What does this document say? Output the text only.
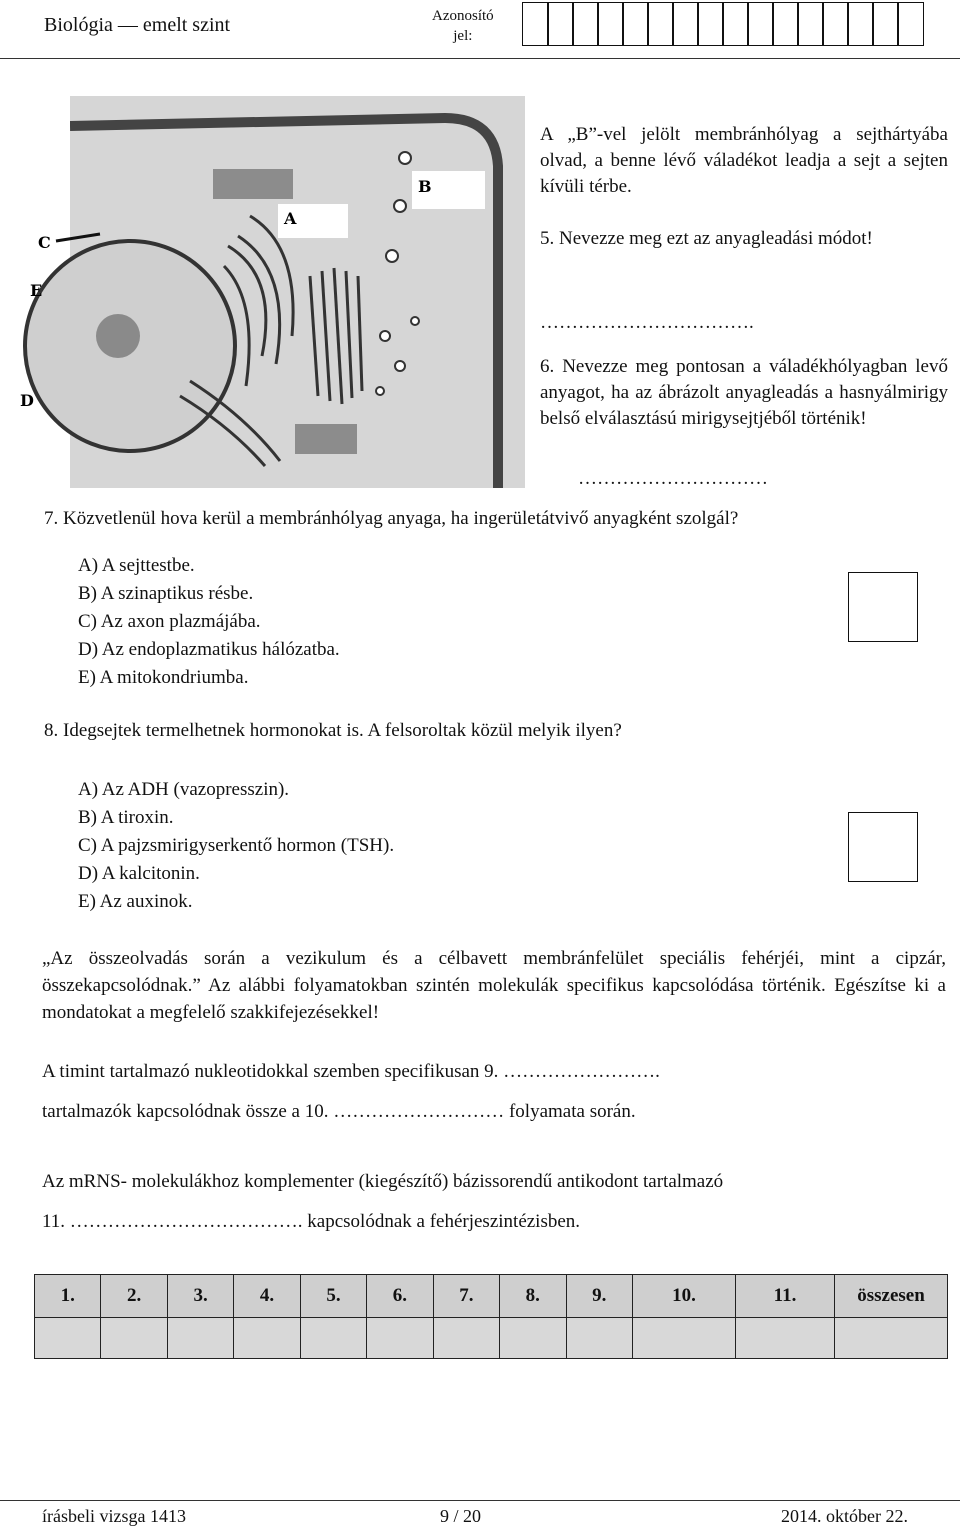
Biológia — emelt szint	Azonosító
jel:
A
B
C
E
D
A „B”-vel jelölt membránhólyag a sejthártyába olvad, a benne lévő váladékot leadja a sejt a sejten kívüli térbe.
5. Nevezze meg ezt az anyagleadási módot!
…………………………….
6. Nevezze meg pontosan a váladékhólyagban levő anyagot, ha az ábrázolt anyagleadás a hasnyálmirigy belső elválasztású mirigysejtjéből történik!
…………………………
7. Közvetlenül hova kerül a membránhólyag anyaga, ha ingerületátvivő anyagként szolgál?
A) A sejttestbe.
B) A szinaptikus résbe.
C) Az axon plazmájába.
D) Az endoplazmatikus hálózatba.
E) A mitokondriumba.
8. Idegsejtek termelhetnek hormonokat is. A felsoroltak közül melyik ilyen?
A) Az ADH (vazopresszin).
B) A tiroxin.
C) A pajzsmirigyserkentő hormon (TSH).
D) A kalcitonin.
E) Az auxinok.
„Az összeolvadás során a vezikulum és a célbavett membránfelület speciális fehérjéi, mint a cipzár, összekapcsolódnak.” Az alábbi folyamatokban szintén molekulák specifikus kapcsolódása történik. Egészítse ki a mondatokat a megfelelő szakkifejezésekkel!
A timint tartalmazó nukleotidokkal szemben specifikusan 9. …………………….
tartalmazók kapcsolódnak össze a 10. ……………………… folyamata során.
Az mRNS- molekulákhoz komplementer (kiegészítő) bázissorendű antikodont tartalmazó
11. ………………………………. kapcsolódnak a fehérjeszintézisben.
1.	2.	3.	4.	5.	6.	7.	8.	9.	10.	11.	összesen

írásbeli vizsga 1413	9 / 20	2014. október 22.
